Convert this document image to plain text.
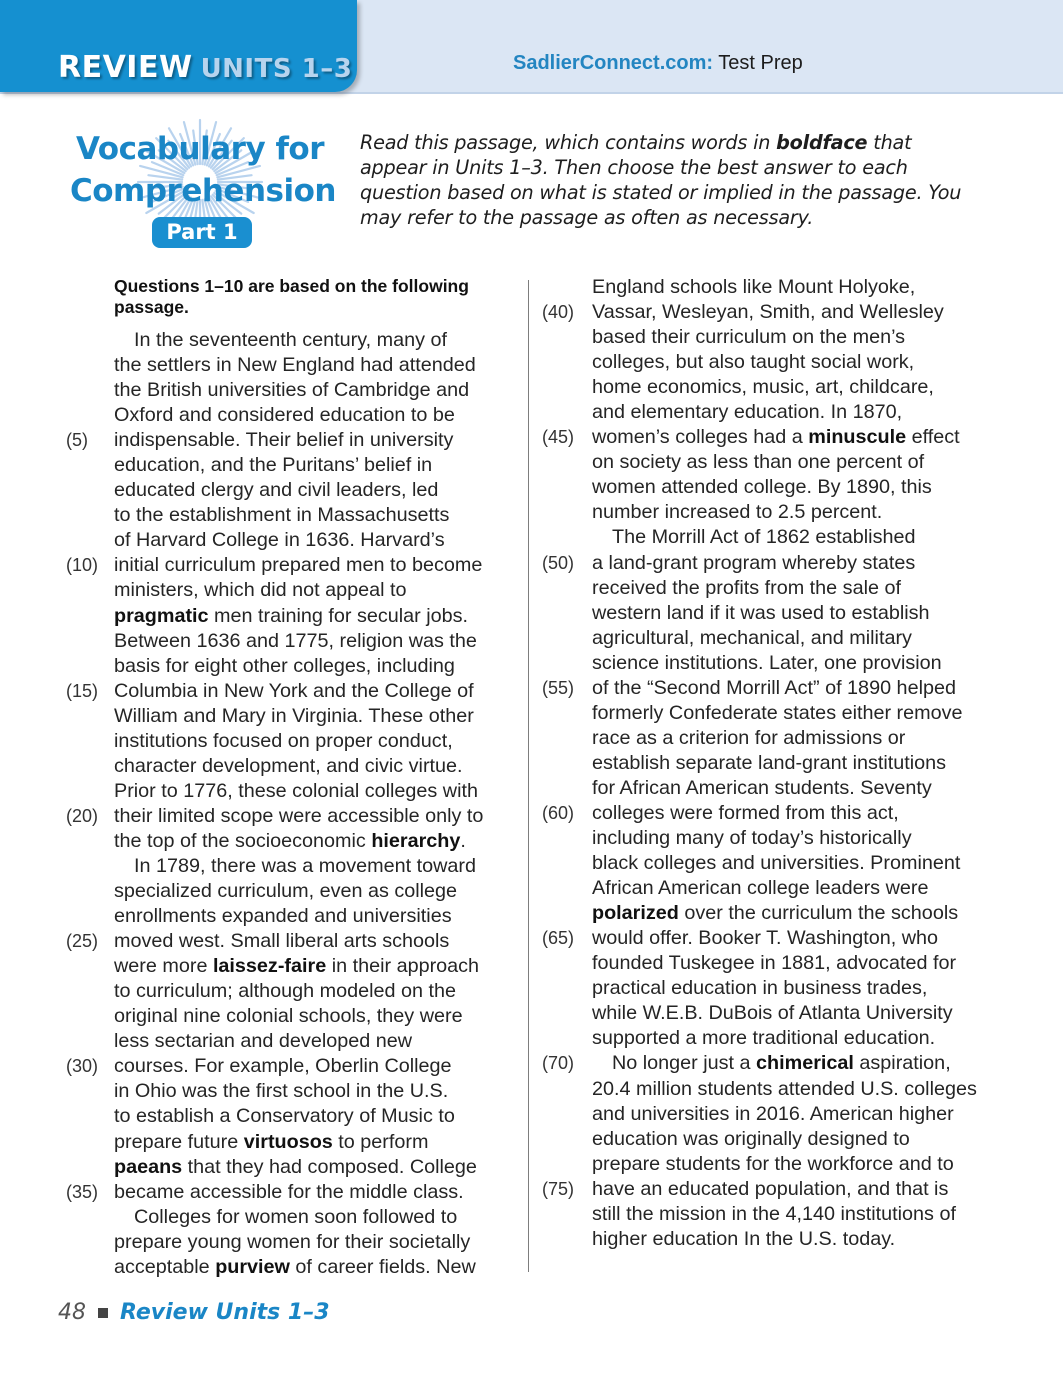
REVIEW UNITS 1–3	SadlierConnect.com: Test Prep
Vocabulary for
Comprehension
Part 1
Read this passage, which contains words in boldface that appear in Units 1–3. Then choose the best answer to each question based on what is stated or implied in the passage. You may refer to the passage as often as necessary.
Questions 1–10 are based on the following passage.
In the seventeenth century, many of
the settlers in New England had attended
the British universities of Cambridge and
Oxford and considered education to be
(5) indispensable. Their belief in university
education, and the Puritans’ belief in
educated clergy and civil leaders, led
to the establishment in Massachusetts
of Harvard College in 1636. Harvard’s
(10) initial curriculum prepared men to become
ministers, which did not appeal to
pragmatic men training for secular jobs.
Between 1636 and 1775, religion was the
basis for eight other colleges, including
(15) Columbia in New York and the College of
William and Mary in Virginia. These other
institutions focused on proper conduct,
character development, and civic virtue.
Prior to 1776, these colonial colleges with
(20) their limited scope were accessible only to
the top of the socioeconomic hierarchy.
In 1789, there was a movement toward
specialized curriculum, even as college
enrollments expanded and universities
(25) moved west. Small liberal arts schools
were more laissez-faire in their approach
to curriculum; although modeled on the
original nine colonial schools, they were
less sectarian and developed new
(30) courses. For example, Oberlin College
in Ohio was the first school in the U.S.
to establish a Conservatory of Music to
prepare future virtuosos to perform
paeans that they had composed. College
(35) became accessible for the middle class.
Colleges for women soon followed to
prepare young women for their societally
acceptable purview of career fields. New
England schools like Mount Holyoke,
(40) Vassar, Wesleyan, Smith, and Wellesley
based their curriculum on the men’s
colleges, but also taught social work,
home economics, music, art, childcare,
and elementary education. In 1870,
(45) women’s colleges had a minuscule effect
on society as less than one percent of
women attended college. By 1890, this
number increased to 2.5 percent.
The Morrill Act of 1862 established
(50) a land-grant program whereby states
received the profits from the sale of
western land if it was used to establish
agricultural, mechanical, and military
science institutions. Later, one provision
(55) of the “Second Morrill Act” of 1890 helped
formerly Confederate states either remove
race as a criterion for admissions or
establish separate land-grant institutions
for African American students. Seventy
(60) colleges were formed from this act,
including many of today’s historically
black colleges and universities. Prominent
African American college leaders were
polarized over the curriculum the schools
(65) would offer. Booker T. Washington, who
founded Tuskegee in 1881, advocated for
practical education in business trades,
while W.E.B. DuBois of Atlanta University
supported a more traditional education.
(70) No longer just a chimerical aspiration,
20.4 million students attended U.S. colleges
and universities in 2016. American higher
education was originally designed to
prepare students for the workforce and to
(75) have an educated population, and that is
still the mission in the 4,140 institutions of
higher education In the U.S. today.
48 Review Units 1–3
